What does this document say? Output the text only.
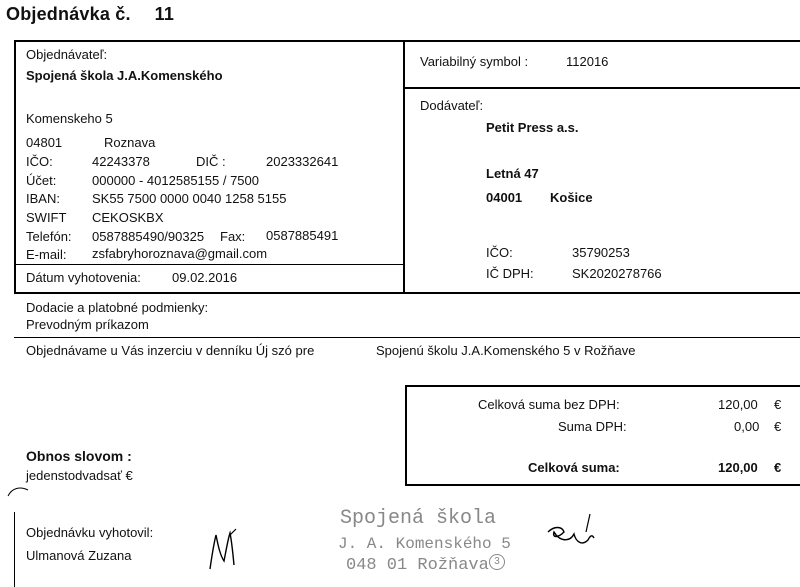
Objednávka č. 11
Objednávateľ:
Spojená škola J.A.Komenského
Komenskeho 5
04801	Roznava
IČO:	42243378	DIČ :	2023332641
Účet:	000000 - 4012585155 / 7500
IBAN: SK55 7500 0000 0040 1258 5155
SWIFT CEKOSKBX
Telefón: 0587885490/90325 Fax: 0587885491
E-mail: zsfabryhoroznava@gmail.com
Dátum vyhotovenia: 09.02.2016
Variabilný symbol :	112016
Dodávateľ:
Petit Press a.s.
Letná 47
04001 Košice
IČO:	35790253
IČ DPH:	SK2020278766
Dodacie a platobné podmienky:
Prevodným príkazom
Objednávame u Vás inzerciu v denníku Új szó pre	Spojenú školu J.A.Komenského 5 v Rožňave
Celková suma bez DPH:	120,00 €
Suma DPH:	0,00 €
Celková suma:	120,00 €
Obnos slovom :
jedenstodvadsať €
Objednávku vyhotovil:
Ulmanová Zuzana
Spojená škola
J. A. Komenského 5
048 01 Rožňava 3
